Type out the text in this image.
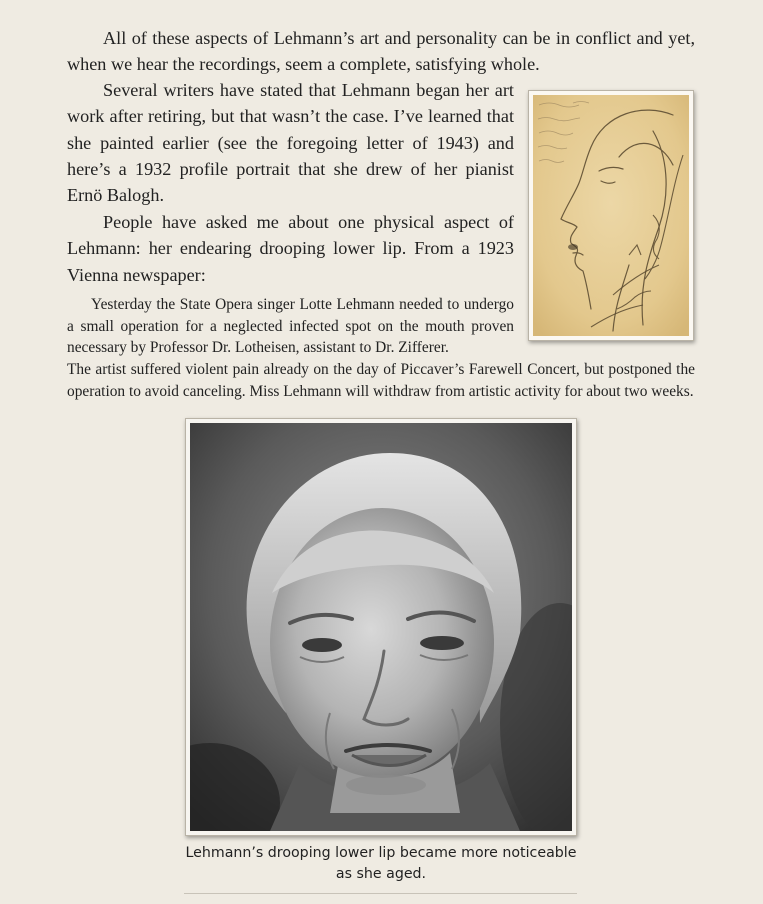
All of these aspects of Lehmann’s art and personality can be in conflict and yet, when we hear the recordings, seem a complete, satisfying whole.

Several writers have stated that Lehmann began her art work after retiring, but that wasn’t the case. I’ve learned that she painted earlier (see the foregoing letter of 1943) and here’s a 1932 profile portrait that she drew of her pianist Ernö Balogh.

People have asked me about one physical aspect of Lehmann: her endearing drooping lower lip. From a 1923 Vienna newspaper:

Yesterday the State Opera singer Lotte Lehmann needed to undergo a small operation for a neglected infected spot on the mouth proven necessary by Professor Dr. Lotheisen, assistant to Dr. Zifferer.

The artist suffered violent pain already on the day of Piccaver’s Farewell Concert, but postponed the operation to avoid canceling. Miss Lehmann will withdraw from artistic activity for about two weeks.

Lehmann’s drooping lower lip became more noticeable as she aged.
